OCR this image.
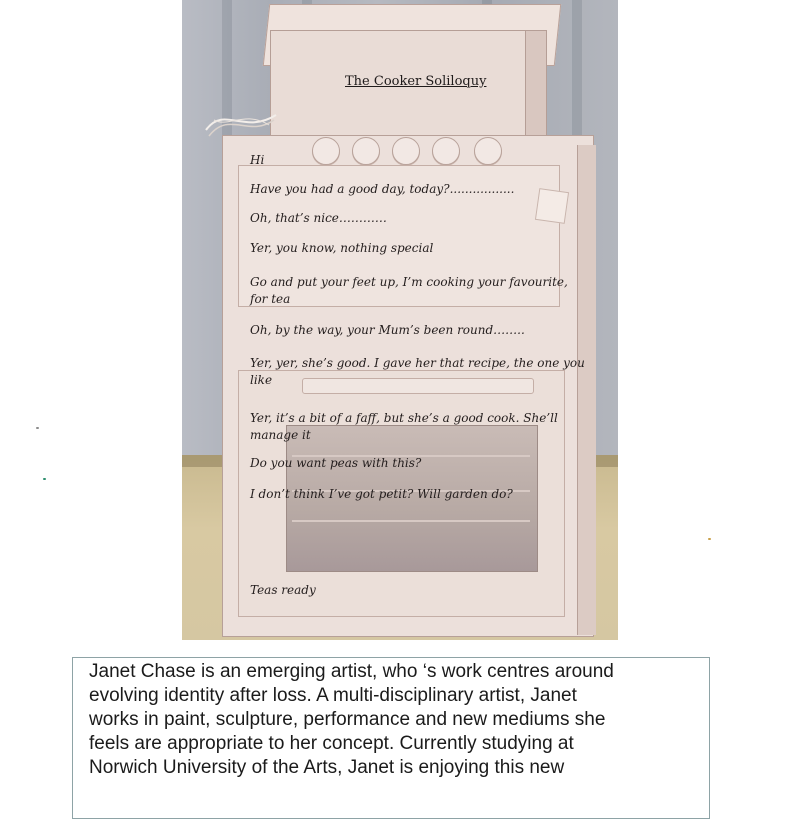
The Cooker Soliloquy
Hi
Have you had a good day, today?.................
Oh, that’s nice…………
Yer, you know, nothing special
Go and put your feet up, I’m cooking your favourite,
for tea
Oh, by the way, your Mum’s been round……..
Yer, yer, she’s good. I gave her that recipe, the one you
like
Yer, it’s a bit of a faff, but she’s a good cook. She’ll
manage it
Do you want peas with this?
I don’t think I’ve got petit? Will garden do?
Teas ready

Janet Chase is an emerging artist, who ‘s work centres around
evolving identity after loss. A multi-disciplinary artist, Janet
works in paint, sculpture, performance and new mediums she
feels are appropriate to her concept. Currently studying at
Norwich University of the Arts, Janet is enjoying this new
